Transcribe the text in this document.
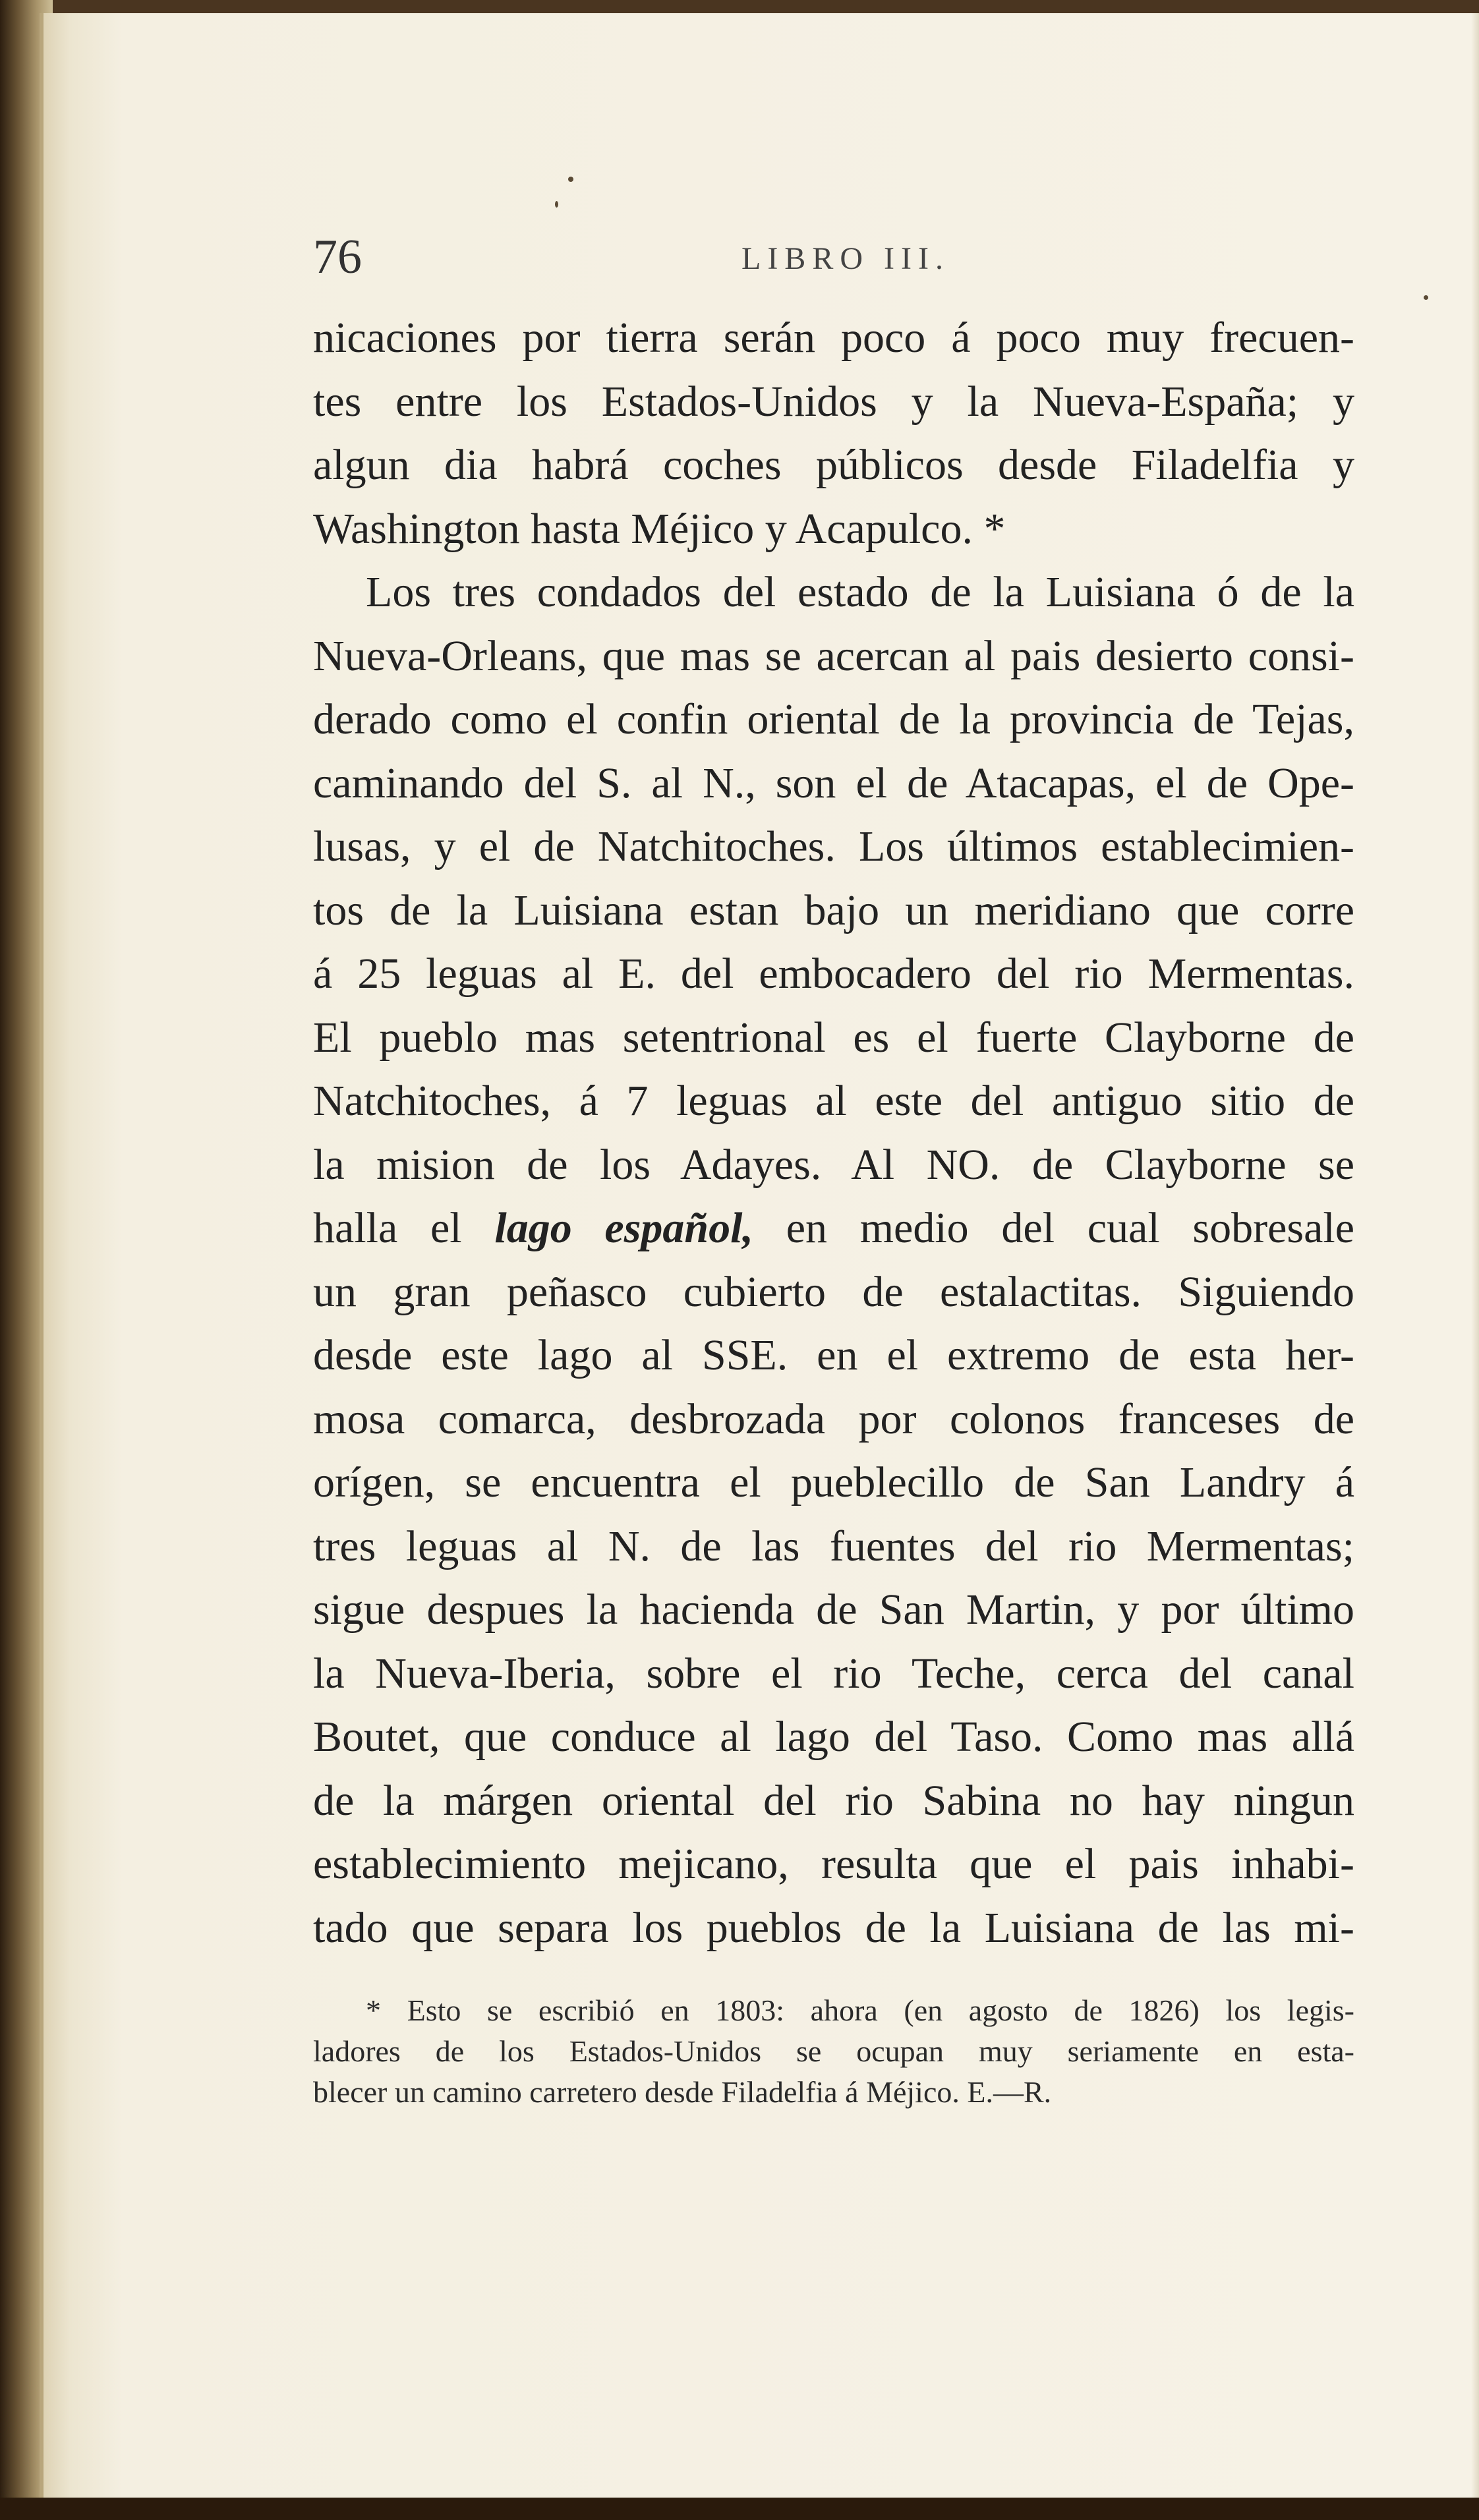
76	LIBRO III.
nicaciones por tierra serán poco á poco muy frecuen-
tes entre los Estados-Unidos y la Nueva-España; y
algun dia habrá coches públicos desde Filadelfia y
Washington hasta Méjico y Acapulco. *
Los tres condados del estado de la Luisiana ó de la
Nueva-Orleans, que mas se acercan al pais desierto consi-
derado como el confin oriental de la provincia de Tejas,
caminando del S. al N., son el de Atacapas, el de Ope-
lusas, y el de Natchitoches. Los últimos establecimien-
tos de la Luisiana estan bajo un meridiano que corre
á 25 leguas al E. del embocadero del rio Mermentas.
El pueblo mas setentrional es el fuerte Clayborne de
Natchitoches, á 7 leguas al este del antiguo sitio de
la mision de los Adayes. Al NO. de Clayborne se
halla el lago español, en medio del cual sobresale
un gran peñasco cubierto de estalactitas. Siguiendo
desde este lago al SSE. en el extremo de esta her-
mosa comarca, desbrozada por colonos franceses de
orígen, se encuentra el pueblecillo de San Landry á
tres leguas al N. de las fuentes del rio Mermentas;
sigue despues la hacienda de San Martin, y por último
la Nueva-Iberia, sobre el rio Teche, cerca del canal
Boutet, que conduce al lago del Taso. Como mas allá
de la márgen oriental del rio Sabina no hay ningun
establecimiento mejicano, resulta que el pais inhabi-
tado que separa los pueblos de la Luisiana de las mi-
* Esto se escribió en 1803: ahora (en agosto de 1826) los legis-
ladores de los Estados-Unidos se ocupan muy seriamente en esta-
blecer un camino carretero desde Filadelfia á Méjico. E.—R.
